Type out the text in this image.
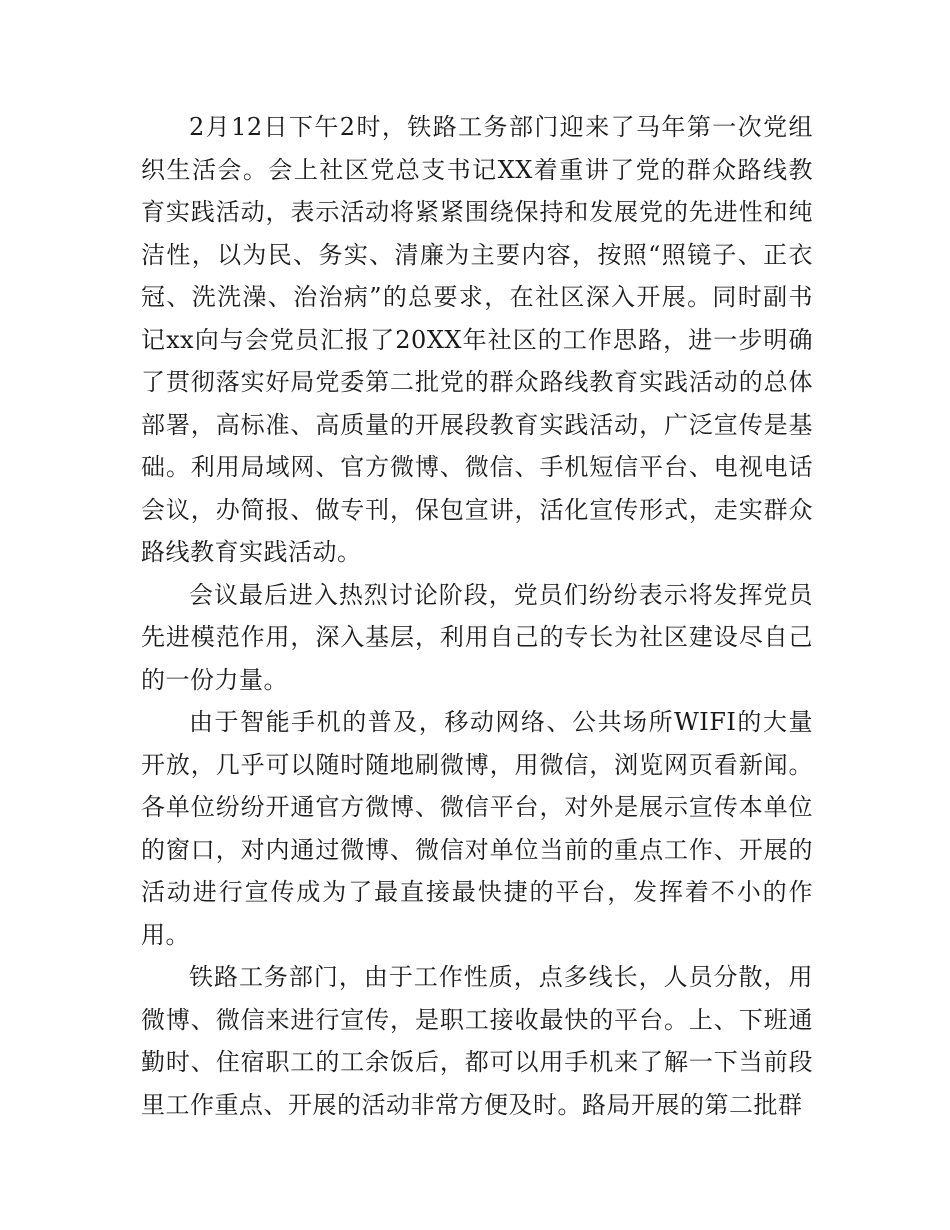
2月12日下午2时，铁路工务部门迎来了马年第一次党组织生活会。会上社区党总支书记XX着重讲了党的群众路线教育实践活动，表示活动将紧紧围绕保持和发展党的先进性和纯洁性，以为民、务实、清廉为主要内容，按照“照镜子、正衣冠、洗洗澡、治治病”的总要求，在社区深入开展。同时副书记xx向与会党员汇报了20XX年社区的工作思路，进一步明确了贯彻落实好局党委第二批党的群众路线教育实践活动的总体部署，高标准、高质量的开展段教育实践活动，广泛宣传是基础。利用局域网、官方微博、微信、手机短信平台、电视电话会议，办简报、做专刊，保包宣讲，活化宣传形式，走实群众路线教育实践活动。

会议最后进入热烈讨论阶段，党员们纷纷表示将发挥党员先进模范作用，深入基层，利用自己的专长为社区建设尽自己的一份力量。

由于智能手机的普及，移动网络、公共场所WIFI的大量开放，几乎可以随时随地刷微博，用微信，浏览网页看新闻。各单位纷纷开通官方微博、微信平台，对外是展示宣传本单位的窗口，对内通过微博、微信对单位当前的重点工作、开展的活动进行宣传成为了最直接最快捷的平台，发挥着不小的作用。

铁路工务部门，由于工作性质，点多线长，人员分散，用微博、微信来进行宣传，是职工接收最快的平台。上、下班通勤时、住宿职工的工余饭后，都可以用手机来了解一下当前段里工作重点、开展的活动非常方便及时。路局开展的第二批群
